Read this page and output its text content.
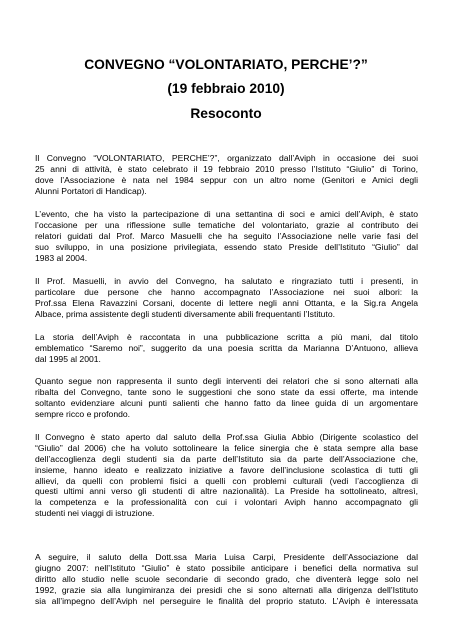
CONVEGNO “VOLONTARIATO, PERCHE’?”
(19 febbraio 2010)
Resoconto
Il Convegno “VOLONTARIATO, PERCHE’?”, organizzato dall’Aviph in occasione dei suoi
25 anni di attività, è stato celebrato il 19 febbraio 2010 presso l’Istituto “Giulio” di Torino,
dove l’Associazione è nata nel 1984 seppur con un altro nome (Genitori e Amici degli
Alunni Portatori di Handicap).
L’evento, che ha visto la partecipazione di una settantina di soci e amici dell’Aviph, è stato
l’occasione per una riflessione sulle tematiche del volontariato, grazie al contributo dei
relatori guidati dal Prof. Marco Masuelli che ha seguito l’Associazione nelle varie fasi del
suo sviluppo, in una posizione privilegiata, essendo stato Preside dell’Istituto “Giulio” dal
1983 al 2004.
Il Prof. Masuelli, in avvio del Convegno, ha salutato e ringraziato tutti i presenti, in
particolare due persone che hanno accompagnato l’Associazione nei suoi albori: la
Prof.ssa Elena Ravazzini Corsani, docente di lettere negli anni Ottanta, e la Sig.ra Angela
Albace, prima assistente degli studenti diversamente abili frequentanti l’Istituto.
La storia dell’Aviph è raccontata in una pubblicazione scritta a più mani, dal titolo
emblematico “Saremo noi”, suggerito da una poesia scritta da Marianna D’Antuono, allieva
dal 1995 al 2001.
Quanto segue non rappresenta il sunto degli interventi dei relatori che si sono alternati alla
ribalta del Convegno, tante sono le suggestioni che sono state da essi offerte, ma intende
soltanto evidenziare alcuni punti salienti che hanno fatto da linee guida di un argomentare
sempre ricco e profondo.
Il Convegno è stato aperto dal saluto della Prof.ssa Giulia Abbio (Dirigente scolastico del
“Giulio” dal 2006) che ha voluto sottolineare la felice sinergia che è stata sempre alla base
dell’accoglienza degli studenti sia da parte dell’Istituto sia da parte dell’Associazione che,
insieme, hanno ideato e realizzato iniziative a favore dell’inclusione scolastica di tutti gli
allievi, da quelli con problemi fisici a quelli con problemi culturali (vedi l’accoglienza di
questi ultimi anni verso gli studenti di altre nazionalità). La Preside ha sottolineato, altresì,
la competenza e la professionalità con cui i volontari Aviph hanno accompagnato gli
studenti nei viaggi di istruzione.
A seguire, il saluto della Dott.ssa Maria Luisa Carpi, Presidente dell’Associazione dal
giugno 2007: nell’Istituto “Giulio” è stato possibile anticipare i benefici della normativa sul
diritto allo studio nelle scuole secondarie di secondo grado, che diventerà legge solo nel
1992, grazie sia alla lungimiranza dei presidi che si sono alternati alla dirigenza dell’Istituto
sia all’impegno dell’Aviph nel perseguire le finalità del proprio statuto. L’Aviph è interessata
